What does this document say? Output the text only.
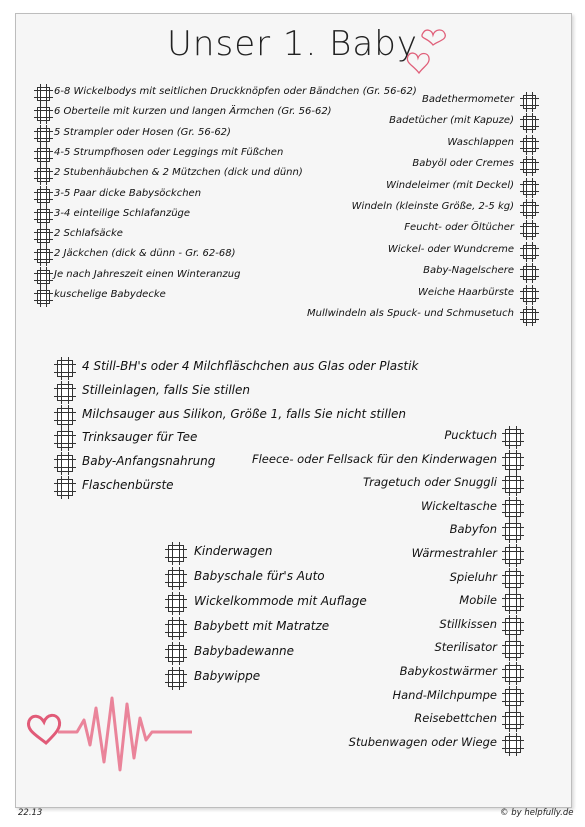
Unser 1. Baby
6-8 Wickelbodys mit seitlichen Druckknöpfen oder Bändchen (Gr. 56-62)
6 Oberteile mit kurzen und langen Ärmchen (Gr. 56-62)
5 Strampler oder Hosen (Gr. 56-62)
4-5 Strumpfhosen oder Leggings mit Füßchen
2 Stubenhäubchen & 2 Mützchen (dick und dünn)
3-5 Paar dicke Babysöckchen
3-4 einteilige Schlafanzüge
2 Schlafsäcke
2 Jäckchen (dick & dünn - Gr. 62-68)
Je nach Jahreszeit einen Winteranzug
kuschelige Babydecke
Badethermometer
Badetücher (mit Kapuze)
Waschlappen
Babyöl oder Cremes
Windeleimer (mit Deckel)
Windeln (kleinste Größe, 2-5 kg)
Feucht- oder Öltücher
Wickel- oder Wundcreme
Baby-Nagelschere
Weiche Haarbürste
Mullwindeln als Spuck- und Schmusetuch
4 Still-BH's oder 4 Milchfläschchen aus Glas oder Plastik
Stilleinlagen, falls Sie stillen
Milchsauger aus Silikon, Größe 1, falls Sie nicht stillen
Trinksauger für Tee
Baby-Anfangsnahrung
Flaschenbürste
Pucktuch
Fleece- oder Fellsack für den Kinderwagen
Tragetuch oder Snuggli
Wickeltasche
Babyfon
Wärmestrahler
Spieluhr
Mobile
Stillkissen
Sterilisator
Babykostwärmer
Hand-Milchpumpe
Reisebettchen
Stubenwagen oder Wiege
Kinderwagen
Babyschale für's Auto
Wickelkommode mit Auflage
Babybett mit Matratze
Babybadewanne
Babywippe
22.13	© by helpfully.de
